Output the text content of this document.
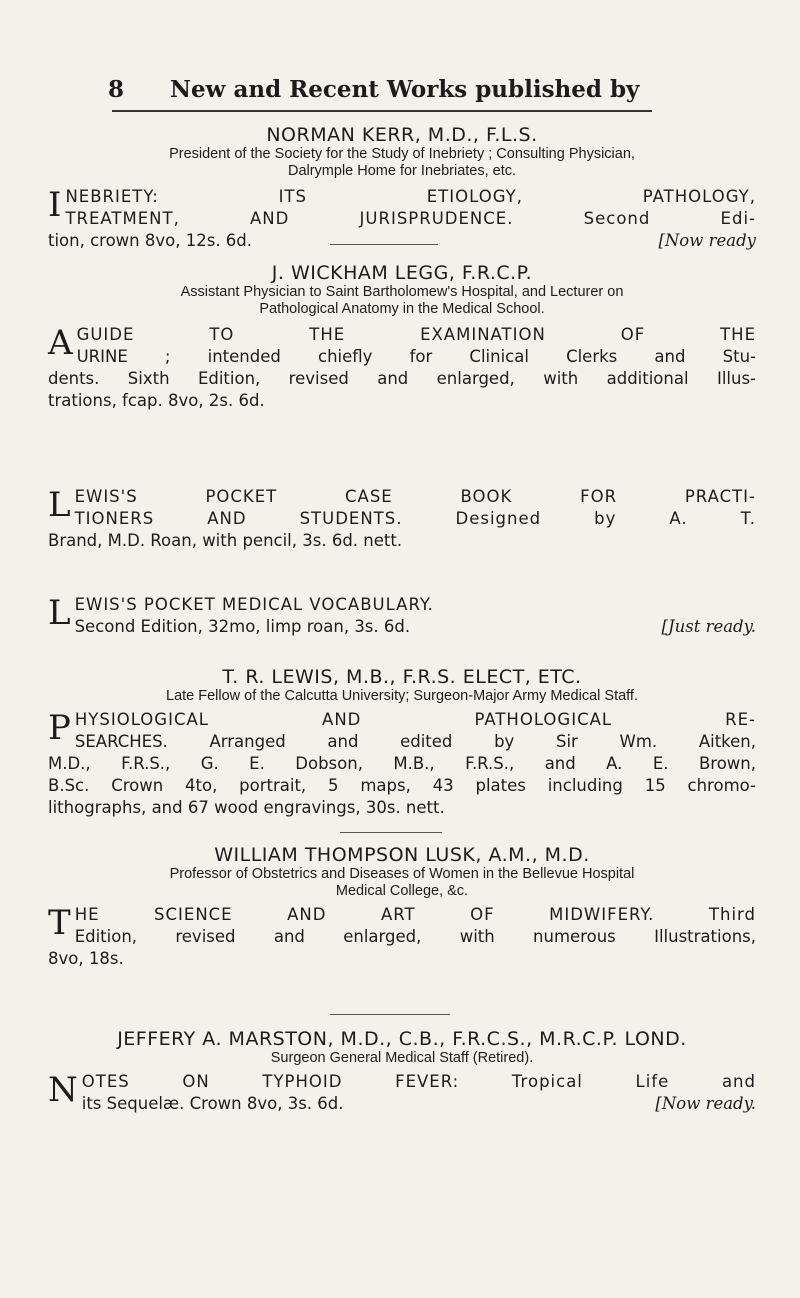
8 New and Recent Works published by
NORMAN KERR, M.D., F.L.S.
President of the Society for the Study of Inebriety ; Consulting Physician,
Dalrymple Home for Inebriates, etc.
I NEBRIETY: ITS ETIOLOGY, PATHOLOGY,
TREATMENT, AND JURISPRUDENCE. Second Edi-
tion, crown 8vo, 12s. 6d.	[Now ready
J. WICKHAM LEGG, F.R.C.P.
Assistant Physician to Saint Bartholomew's Hospital, and Lecturer on
Pathological Anatomy in the Medical School.
A GUIDE TO THE EXAMINATION OF THE
URINE ; intended chiefly for Clinical Clerks and Stu-
dents. Sixth Edition, revised and enlarged, with additional Illus-
trations, fcap. 8vo, 2s. 6d.
L EWIS'S POCKET CASE BOOK FOR PRACTI-
TIONERS AND STUDENTS. Designed by A. T.
Brand, M.D. Roan, with pencil, 3s. 6d. nett.
L EWIS'S POCKET MEDICAL VOCABULARY.
Second Edition, 32mo, limp roan, 3s. 6d.	[Just ready.
T. R. LEWIS, M.B., F.R.S. ELECT, ETC.
Late Fellow of the Calcutta University; Surgeon-Major Army Medical Staff.
P HYSIOLOGICAL AND PATHOLOGICAL RE-
SEARCHES. Arranged and edited by Sir Wm. Aitken,
M.D., F.R.S., G. E. Dobson, M.B., F.R.S., and A. E. Brown,
B.Sc. Crown 4to, portrait, 5 maps, 43 plates including 15 chromo-
lithographs, and 67 wood engravings, 30s. nett.
WILLIAM THOMPSON LUSK, A.M., M.D.
Professor of Obstetrics and Diseases of Women in the Bellevue Hospital
Medical College, &c.
T HE SCIENCE AND ART OF MIDWIFERY. Third
Edition, revised and enlarged, with numerous Illustrations,
8vo, 18s.
JEFFERY A. MARSTON, M.D., C.B., F.R.C.S., M.R.C.P. LOND.
Surgeon General Medical Staff (Retired).
N OTES ON TYPHOID FEVER: Tropical Life and
its Sequelæ. Crown 8vo, 3s. 6d.	[Now ready.
